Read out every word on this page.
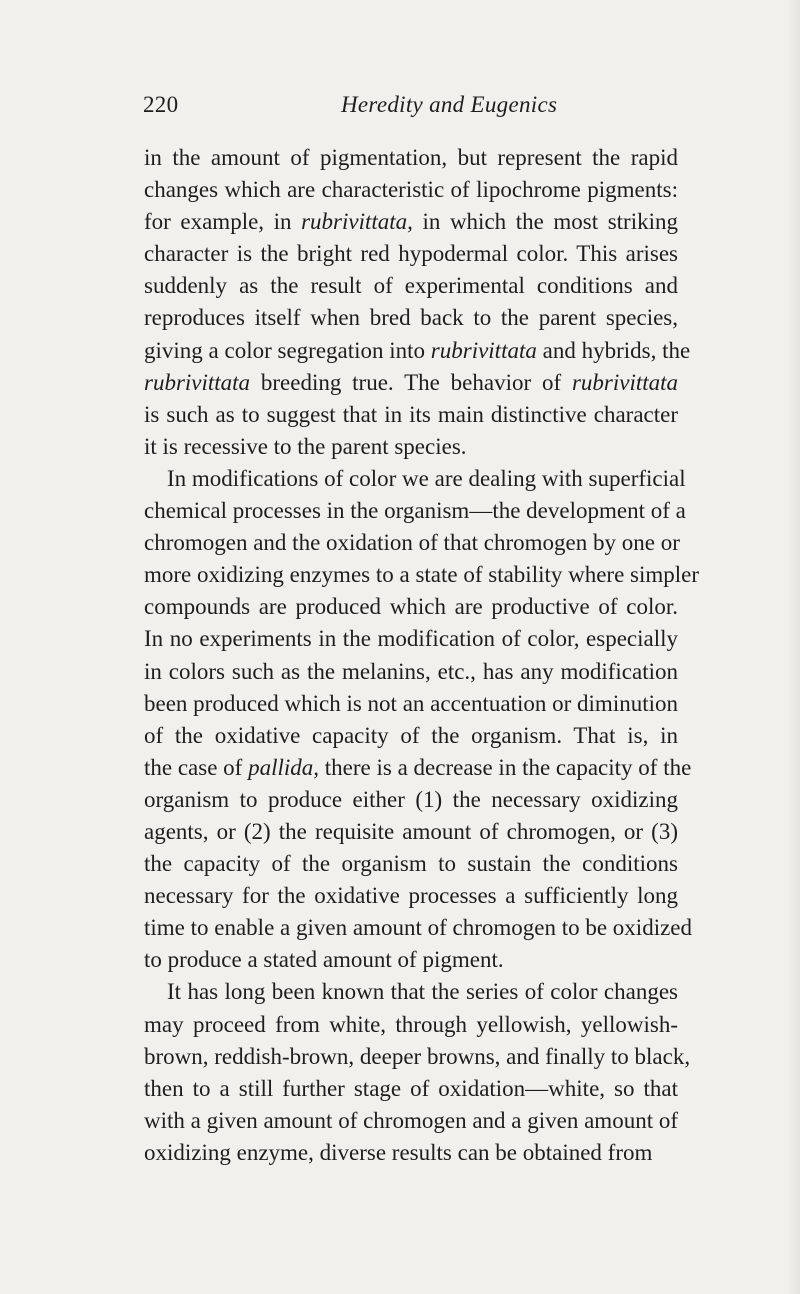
220	Heredity and Eugenics
in the amount of pigmentation, but represent the rapid
changes which are characteristic of lipochrome pigments:
for example, in rubrivittata, in which the most striking
character is the bright red hypodermal color. This arises
suddenly as the result of experimental conditions and
reproduces itself when bred back to the parent species,
giving a color segregation into rubrivittata and hybrids, the
rubrivittata breeding true. The behavior of rubrivittata
is such as to suggest that in its main distinctive character
it is recessive to the parent species.
In modifications of color we are dealing with superficial
chemical processes in the organism—the development of a
chromogen and the oxidation of that chromogen by one or
more oxidizing enzymes to a state of stability where simpler
compounds are produced which are productive of color.
In no experiments in the modification of color, especially
in colors such as the melanins, etc., has any modification
been produced which is not an accentuation or diminution
of the oxidative capacity of the organism. That is, in
the case of pallida, there is a decrease in the capacity of the
organism to produce either (1) the necessary oxidizing
agents, or (2) the requisite amount of chromogen, or (3)
the capacity of the organism to sustain the conditions
necessary for the oxidative processes a sufficiently long
time to enable a given amount of chromogen to be oxidized
to produce a stated amount of pigment.
It has long been known that the series of color changes
may proceed from white, through yellowish, yellowish-
brown, reddish-brown, deeper browns, and finally to black,
then to a still further stage of oxidation—white, so that
with a given amount of chromogen and a given amount of
oxidizing enzyme, diverse results can be obtained from
